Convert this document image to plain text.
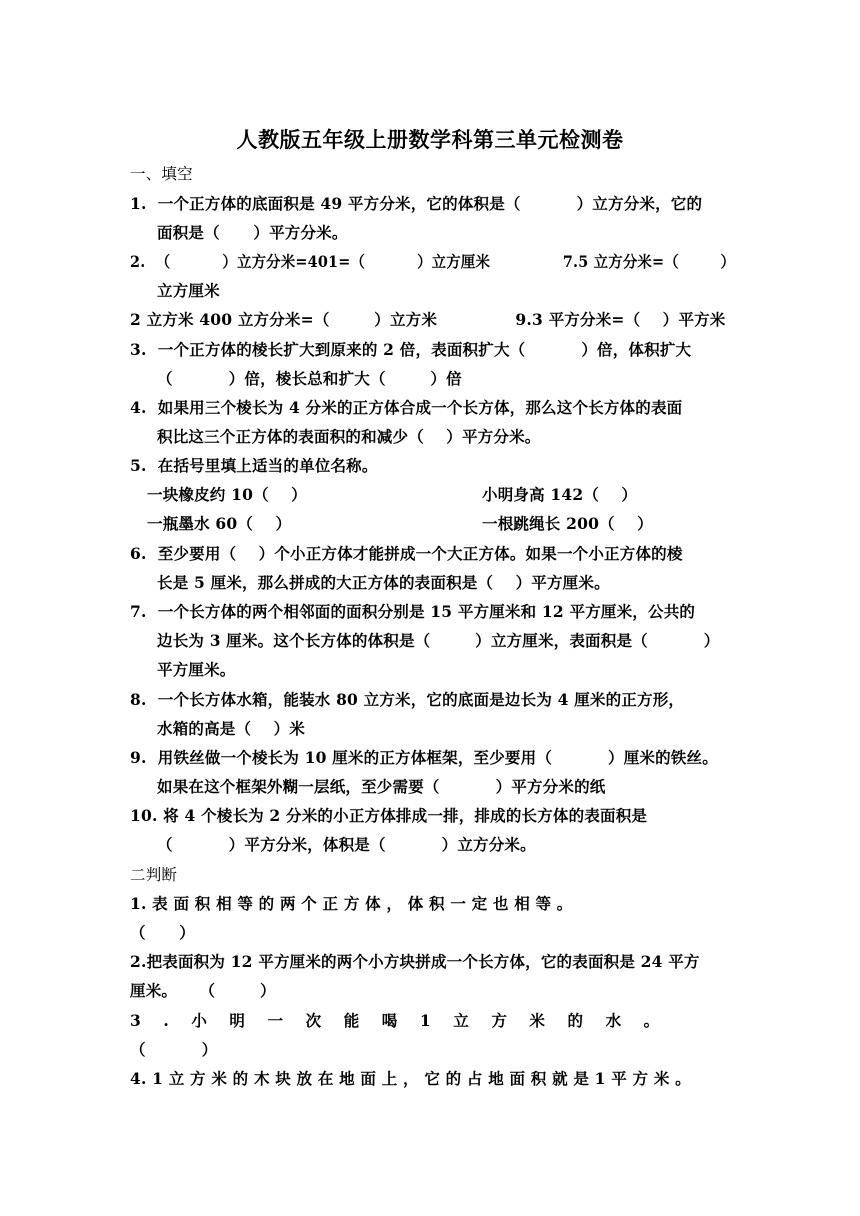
人教版五年级上册数学科第三单元检测卷
一、填空
1.  一个正方体的底面积是 49 平方分米，它的体积是（          ）立方分米，它的
面积是（      ）平方分米。
2.  （          ）立方分米=401=（          ）立方厘米              7.5 立方分米=（        ）
立方厘米
2 立方米 400 立方分米=（        ）立方米              9.3 平方分米=（    ）平方米
3.  一个正方体的棱长扩大到原来的 2 倍，表面积扩大（          ）倍，体积扩大
（          ）倍，棱长总和扩大（        ）倍
4.  如果用三个棱长为 4 分米的正方体合成一个长方体，那么这个长方体的表面
积比这三个正方体的表面积的和减少（    ）平方分米。
5.  在括号里填上适当的单位名称。
一块橡皮约 10（    ）	小明身高 142（    ）
一瓶墨水 60（    ）	一根跳绳长 200（    ）
6.  至少要用（    ）个小正方体才能拼成一个大正方体。如果一个小正方体的棱
长是 5 厘米，那么拼成的大正方体的表面积是（    ）平方厘米。
7.  一个长方体的两个相邻面的面积分别是 15 平方厘米和 12 平方厘米，公共的
边长为 3 厘米。这个长方体的体积是（        ）立方厘米，表面积是（          ）
平方厘米。
8.  一个长方体水箱，能装水 80 立方米，它的底面是边长为 4 厘米的正方形，
水箱的高是（    ）米
9.  用铁丝做一个棱长为 10 厘米的正方体框架，至少要用（          ）厘米的铁丝。
如果在这个框架外糊一层纸，至少需要（          ）平方分米的纸
10. 将 4 个棱长为 2 分米的小正方体排成一排，排成的长方体的表面积是
（          ）平方分米，体积是（          ）立方分米。
二判断
1. 表 面 积 相 等 的 两 个 正 方 体 ， 体 积 一 定 也 相 等 。
（      ）
2.把表面积为 12 平方厘米的两个小方块拼成一个长方体，它的表面积是 24 平方
厘米。    （        ）
3    .    小    明    一    次    能    喝    1    立    方    米    的    水    。
（          ）
4. 1 立 方 米 的 木 块 放 在 地 面 上 ， 它 的 占 地 面 积 就 是 1 平 方 米 。
